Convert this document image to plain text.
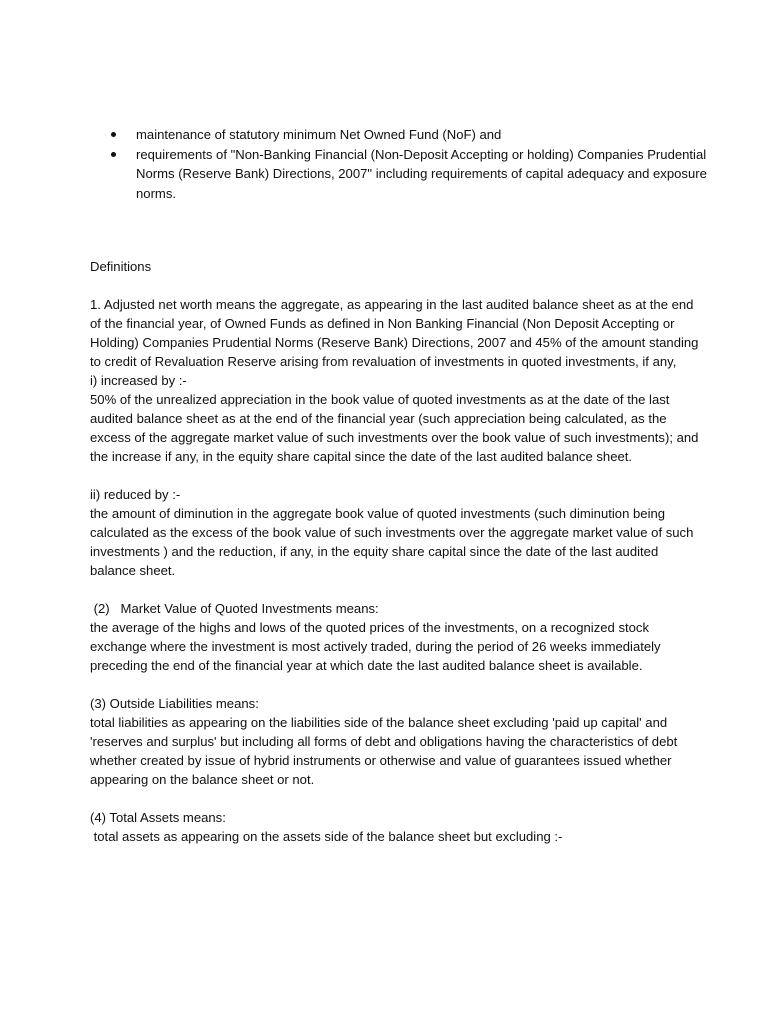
maintenance of statutory minimum Net Owned Fund (NoF) and
requirements of "Non-Banking Financial (Non-Deposit Accepting or holding) Companies Prudential Norms (Reserve Bank) Directions, 2007" including requirements of capital adequacy and exposure norms.

Definitions

1. Adjusted net worth means the aggregate, as appearing in the last audited balance sheet as at the end of the financial year, of Owned Funds as defined in Non Banking Financial (Non Deposit Accepting or Holding) Companies Prudential Norms (Reserve Bank) Directions, 2007 and 45% of the amount standing to credit of Revaluation Reserve arising from revaluation of investments in quoted investments, if any,

i) increased by :-

50% of the unrealized appreciation in the book value of quoted investments as at the date of the last audited balance sheet as at the end of the financial year (such appreciation being calculated, as the excess of the aggregate market value of such investments over the book value of such investments); and

the increase if any, in the equity share capital since the date of the last audited balance sheet.

ii) reduced by :-

the amount of diminution in the aggregate book value of quoted investments (such diminution being calculated as the excess of the book value of such investments over the aggregate market value of such investments ) and the reduction, if any, in the equity share capital since the date of the last audited balance sheet.

(2)   Market Value of Quoted Investments means:

the average of the highs and lows of the quoted prices of the investments, on a recognized stock exchange where the investment is most actively traded, during the period of 26 weeks immediately preceding the end of the financial year at which date the last audited balance sheet is available.

(3) Outside Liabilities means:

total liabilities as appearing on the liabilities side of the balance sheet excluding 'paid up capital' and 'reserves and surplus' but including all forms of debt and obligations having the characteristics of debt whether created by issue of hybrid instruments or otherwise and value of guarantees issued whether appearing on the balance sheet or not.

(4) Total Assets means:

total assets as appearing on the assets side of the balance sheet but excluding :-
